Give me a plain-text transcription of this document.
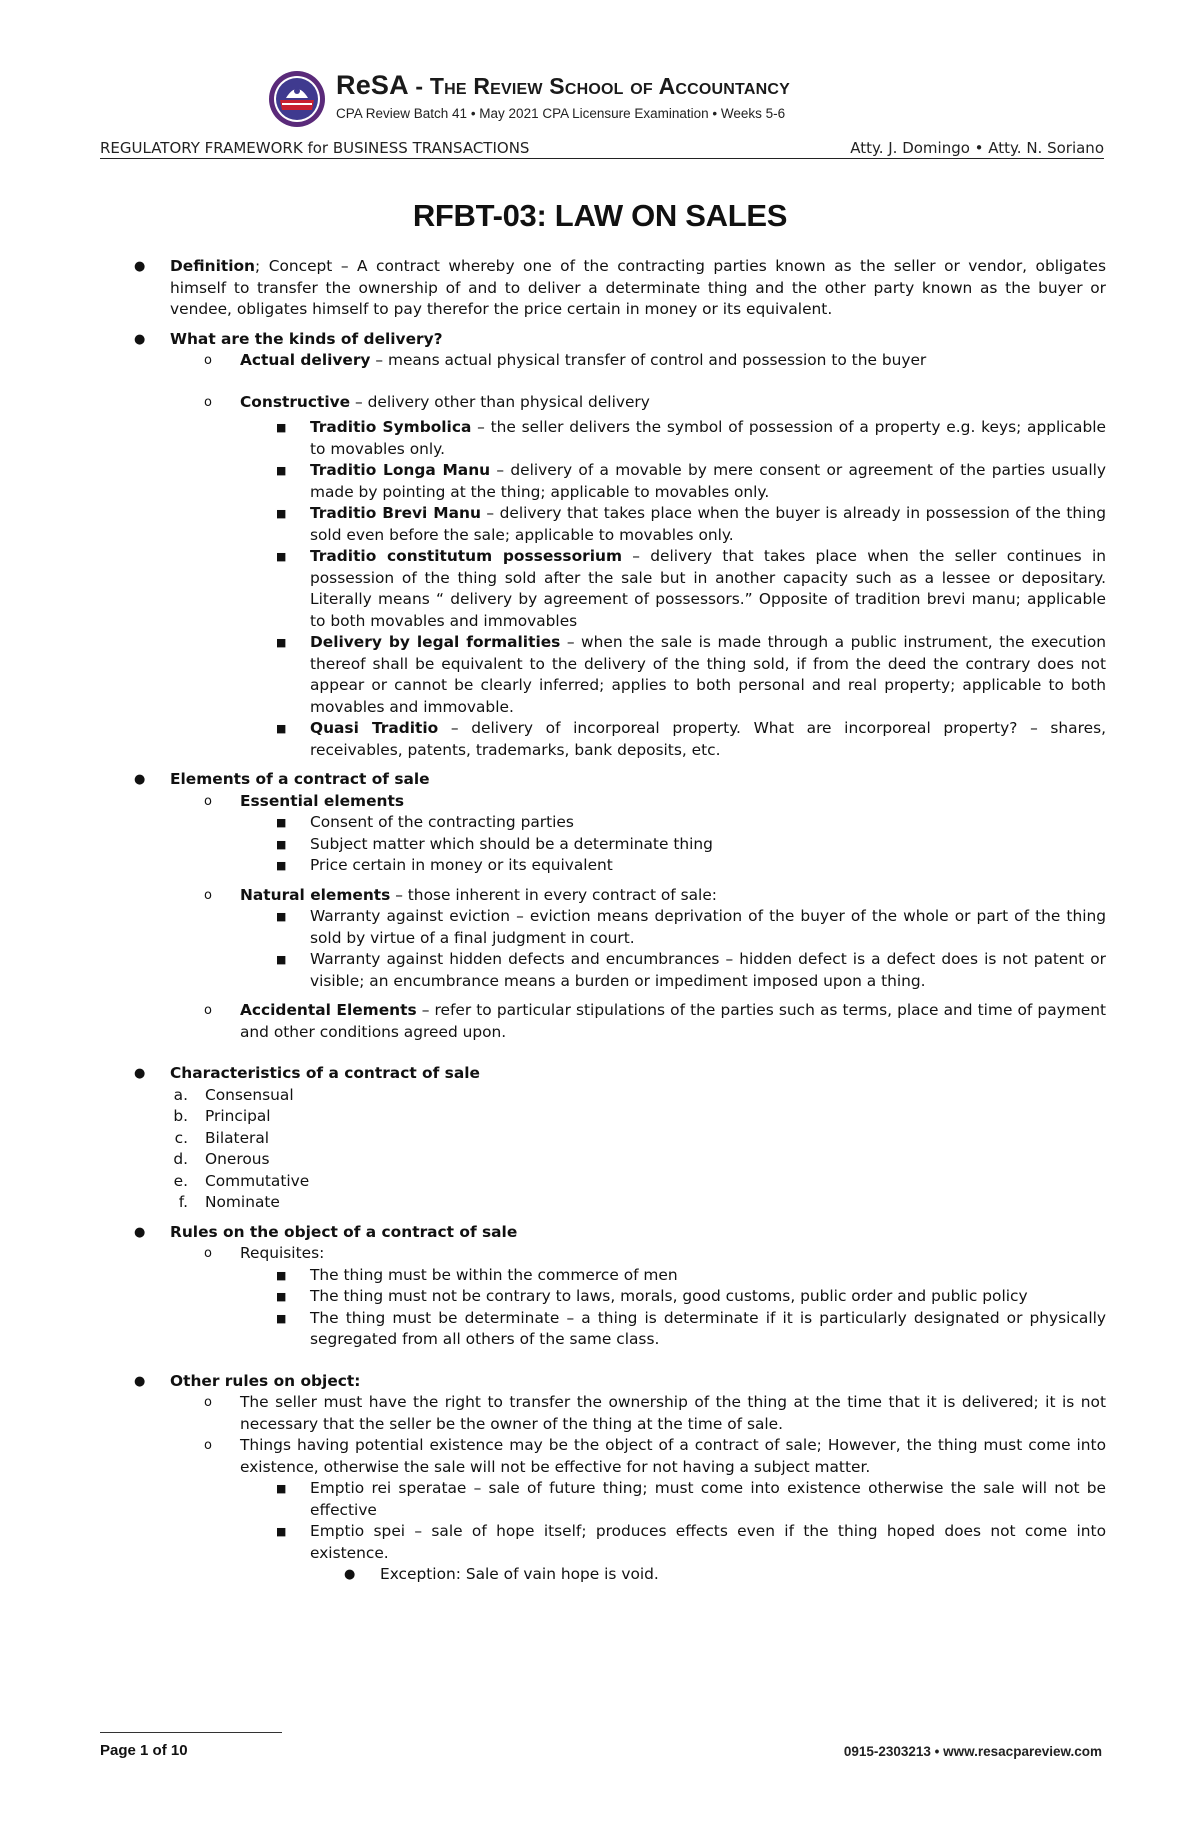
ReSA - The Review School of Accountancy
CPA Review Batch 41 • May 2021 CPA Licensure Examination • Weeks 5-6
REGULATORY FRAMEWORK for BUSINESS TRANSACTIONS	Atty. J. Domingo • Atty. N. Soriano
RFBT-03: LAW ON SALES
● Definition; Concept – A contract whereby one of the contracting parties known as the seller or vendor, obligates himself to transfer the ownership of and to deliver a determinate thing and the other party known as the buyer or vendee, obligates himself to pay therefor the price certain in money or its equivalent.
● What are the kinds of delivery?
o Actual delivery – means actual physical transfer of control and possession to the buyer
o Constructive – delivery other than physical delivery
■ Traditio Symbolica – the seller delivers the symbol of possession of a property e.g. keys; applicable to movables only.
■ Traditio Longa Manu – delivery of a movable by mere consent or agreement of the parties usually made by pointing at the thing; applicable to movables only.
■ Traditio Brevi Manu – delivery that takes place when the buyer is already in possession of the thing sold even before the sale; applicable to movables only.
■ Traditio constitutum possessorium – delivery that takes place when the seller continues in possession of the thing sold after the sale but in another capacity such as a lessee or depositary. Literally means “ delivery by agreement of possessors.” Opposite of tradition brevi manu; applicable to both movables and immovables
■ Delivery by legal formalities – when the sale is made through a public instrument, the execution thereof shall be equivalent to the delivery of the thing sold, if from the deed the contrary does not appear or cannot be clearly inferred; applies to both personal and real property; applicable to both movables and immovable.
■ Quasi Traditio – delivery of incorporeal property. What are incorporeal property? – shares, receivables, patents, trademarks, bank deposits, etc.
● Elements of a contract of sale
o Essential elements
■ Consent of the contracting parties
■ Subject matter which should be a determinate thing
■ Price certain in money or its equivalent
o Natural elements – those inherent in every contract of sale:
■ Warranty against eviction – eviction means deprivation of the buyer of the whole or part of the thing sold by virtue of a final judgment in court.
■ Warranty against hidden defects and encumbrances – hidden defect is a defect does is not patent or visible; an encumbrance means a burden or impediment imposed upon a thing.
o Accidental Elements – refer to particular stipulations of the parties such as terms, place and time of payment and other conditions agreed upon.
● Characteristics of a contract of sale
a. Consensual
b. Principal
c. Bilateral
d. Onerous
e. Commutative
f. Nominate
● Rules on the object of a contract of sale
o Requisites:
■ The thing must be within the commerce of men
■ The thing must not be contrary to laws, morals, good customs, public order and public policy
■ The thing must be determinate – a thing is determinate if it is particularly designated or physically segregated from all others of the same class.
● Other rules on object:
o The seller must have the right to transfer the ownership of the thing at the time that it is delivered; it is not necessary that the seller be the owner of the thing at the time of sale.
o Things having potential existence may be the object of a contract of sale; However, the thing must come into existence, otherwise the sale will not be effective for not having a subject matter.
■ Emptio rei speratae – sale of future thing; must come into existence otherwise the sale will not be effective
■ Emptio spei – sale of hope itself; produces effects even if the thing hoped does not come into existence.
● Exception: Sale of vain hope is void.
Page 1 of 10	0915-2303213 • www.resacpareview.com
